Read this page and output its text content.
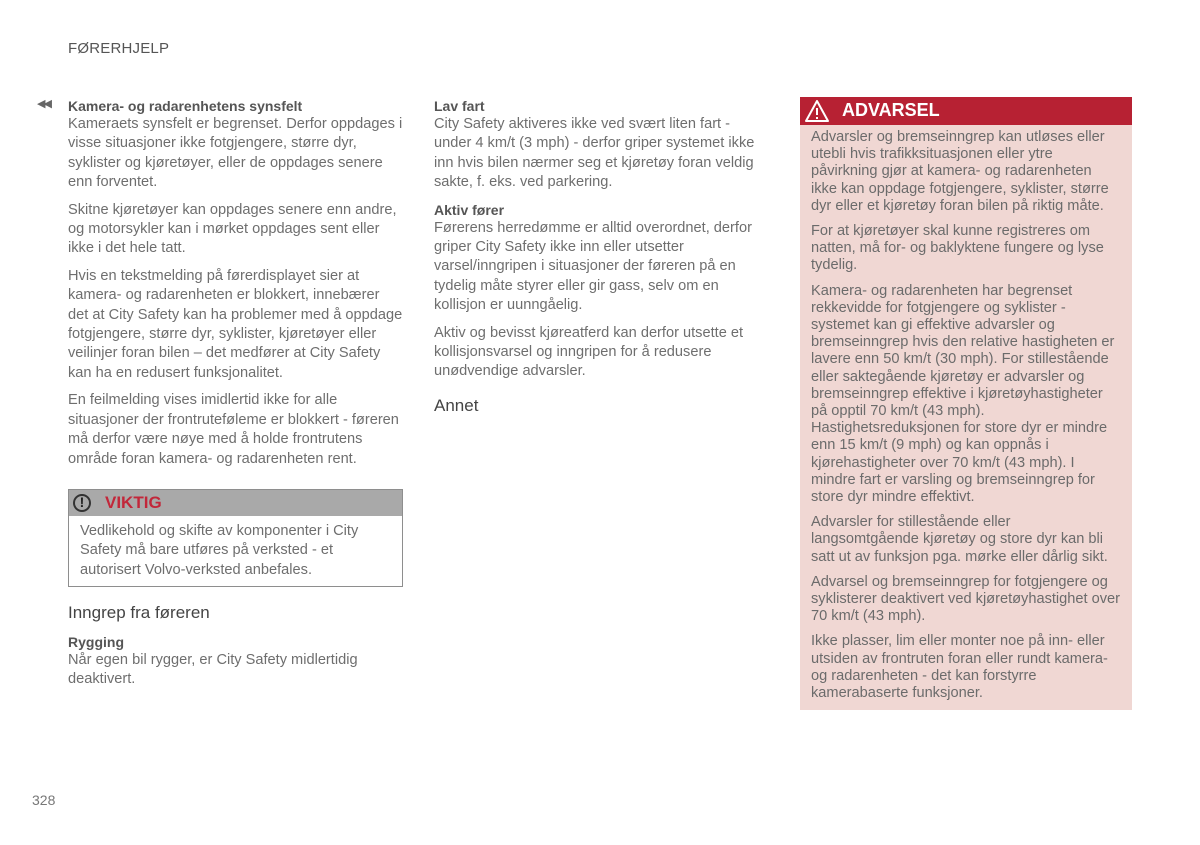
FØRERHJELP
◀◀ Kamera- og radarenhetens synsfelt

Kameraets synsfelt er begrenset. Derfor oppdages i visse situasjoner ikke fotgjengere, større dyr, syklister og kjøretøyer, eller de oppdages senere enn forventet.

Skitne kjøretøyer kan oppdages senere enn andre, og motorsykler kan i mørket oppdages sent eller ikke i det hele tatt.

Hvis en tekstmelding på førerdisplayet sier at kamera- og radarenheten er blokkert, innebærer det at City Safety kan ha problemer med å oppdage fotgjengere, større dyr, syklister, kjøretøyer eller veilinjer foran bilen – det medfører at City Safety kan ha en redusert funksjonalitet.

En feilmelding vises imidlertid ikke for alle situasjoner der frontruteføleme er blokkert - føreren må derfor være nøye med å holde frontrutens område foran kamera- og radarenheten rent.

!	VIKTIG
Vedlikehold og skifte av komponenter i City Safety må bare utføres på verksted - et autorisert Volvo-verksted anbefales.
Inngrep fra føreren
Rygging

Når egen bil rygger, er City Safety midlertidig deaktivert.

Lav fart

City Safety aktiveres ikke ved svært liten fart - under 4 km/t (3 mph) - derfor griper systemet ikke inn hvis bilen nærmer seg et kjøretøy foran veldig sakte, f. eks. ved parkering.

Aktiv fører

Førerens herredømme er alltid overordnet, derfor griper City Safety ikke inn eller utsetter varsel/inngripen i situasjoner der føreren på en tydelig måte styrer eller gir gass, selv om en kollisjon er uunngåelig.

Aktiv og bevisst kjøreatferd kan derfor utsette et kollisjonsvarsel og inngripen for å redusere unødvendige advarsler.

Annet
ADVARSEL

Advarsler og bremseinngrep kan utløses eller utebli hvis trafikksituasjonen eller ytre påvirkning gjør at kamera- og radarenheten ikke kan oppdage fotgjengere, syklister, større dyr eller et kjøretøy foran bilen på riktig måte.

For at kjøretøyer skal kunne registreres om natten, må for- og baklyktene fungere og lyse tydelig.

Kamera- og radarenheten har begrenset rekkevidde for fotgjengere og syklister - systemet kan gi effektive advarsler og bremseinngrep hvis den relative hastigheten er lavere enn 50 km/t (30 mph). For stillestående eller saktegående kjøretøy er advarsler og bremseinngrep effektive i kjøretøyhastigheter på opptil 70 km/t (43 mph). Hastighetsreduksjonen for store dyr er mindre enn 15 km/t (9 mph) og kan oppnås i kjørehastigheter over 70 km/t (43 mph). I mindre fart er varsling og bremseinngrep for store dyr mindre effektivt.

Advarsler for stillestående eller langsomtgående kjøretøy og store dyr kan bli satt ut av funksjon pga. mørke eller dårlig sikt.

Advarsel og bremseinngrep for fotgjengere og syklisterer deaktivert ved kjøretøyhastighet over 70 km/t (43 mph).

Ikke plasser, lim eller monter noe på inn- eller utsiden av frontruten foran eller rundt kamera- og radarenheten - det kan forstyrre kamerabaserte funksjoner.

328
